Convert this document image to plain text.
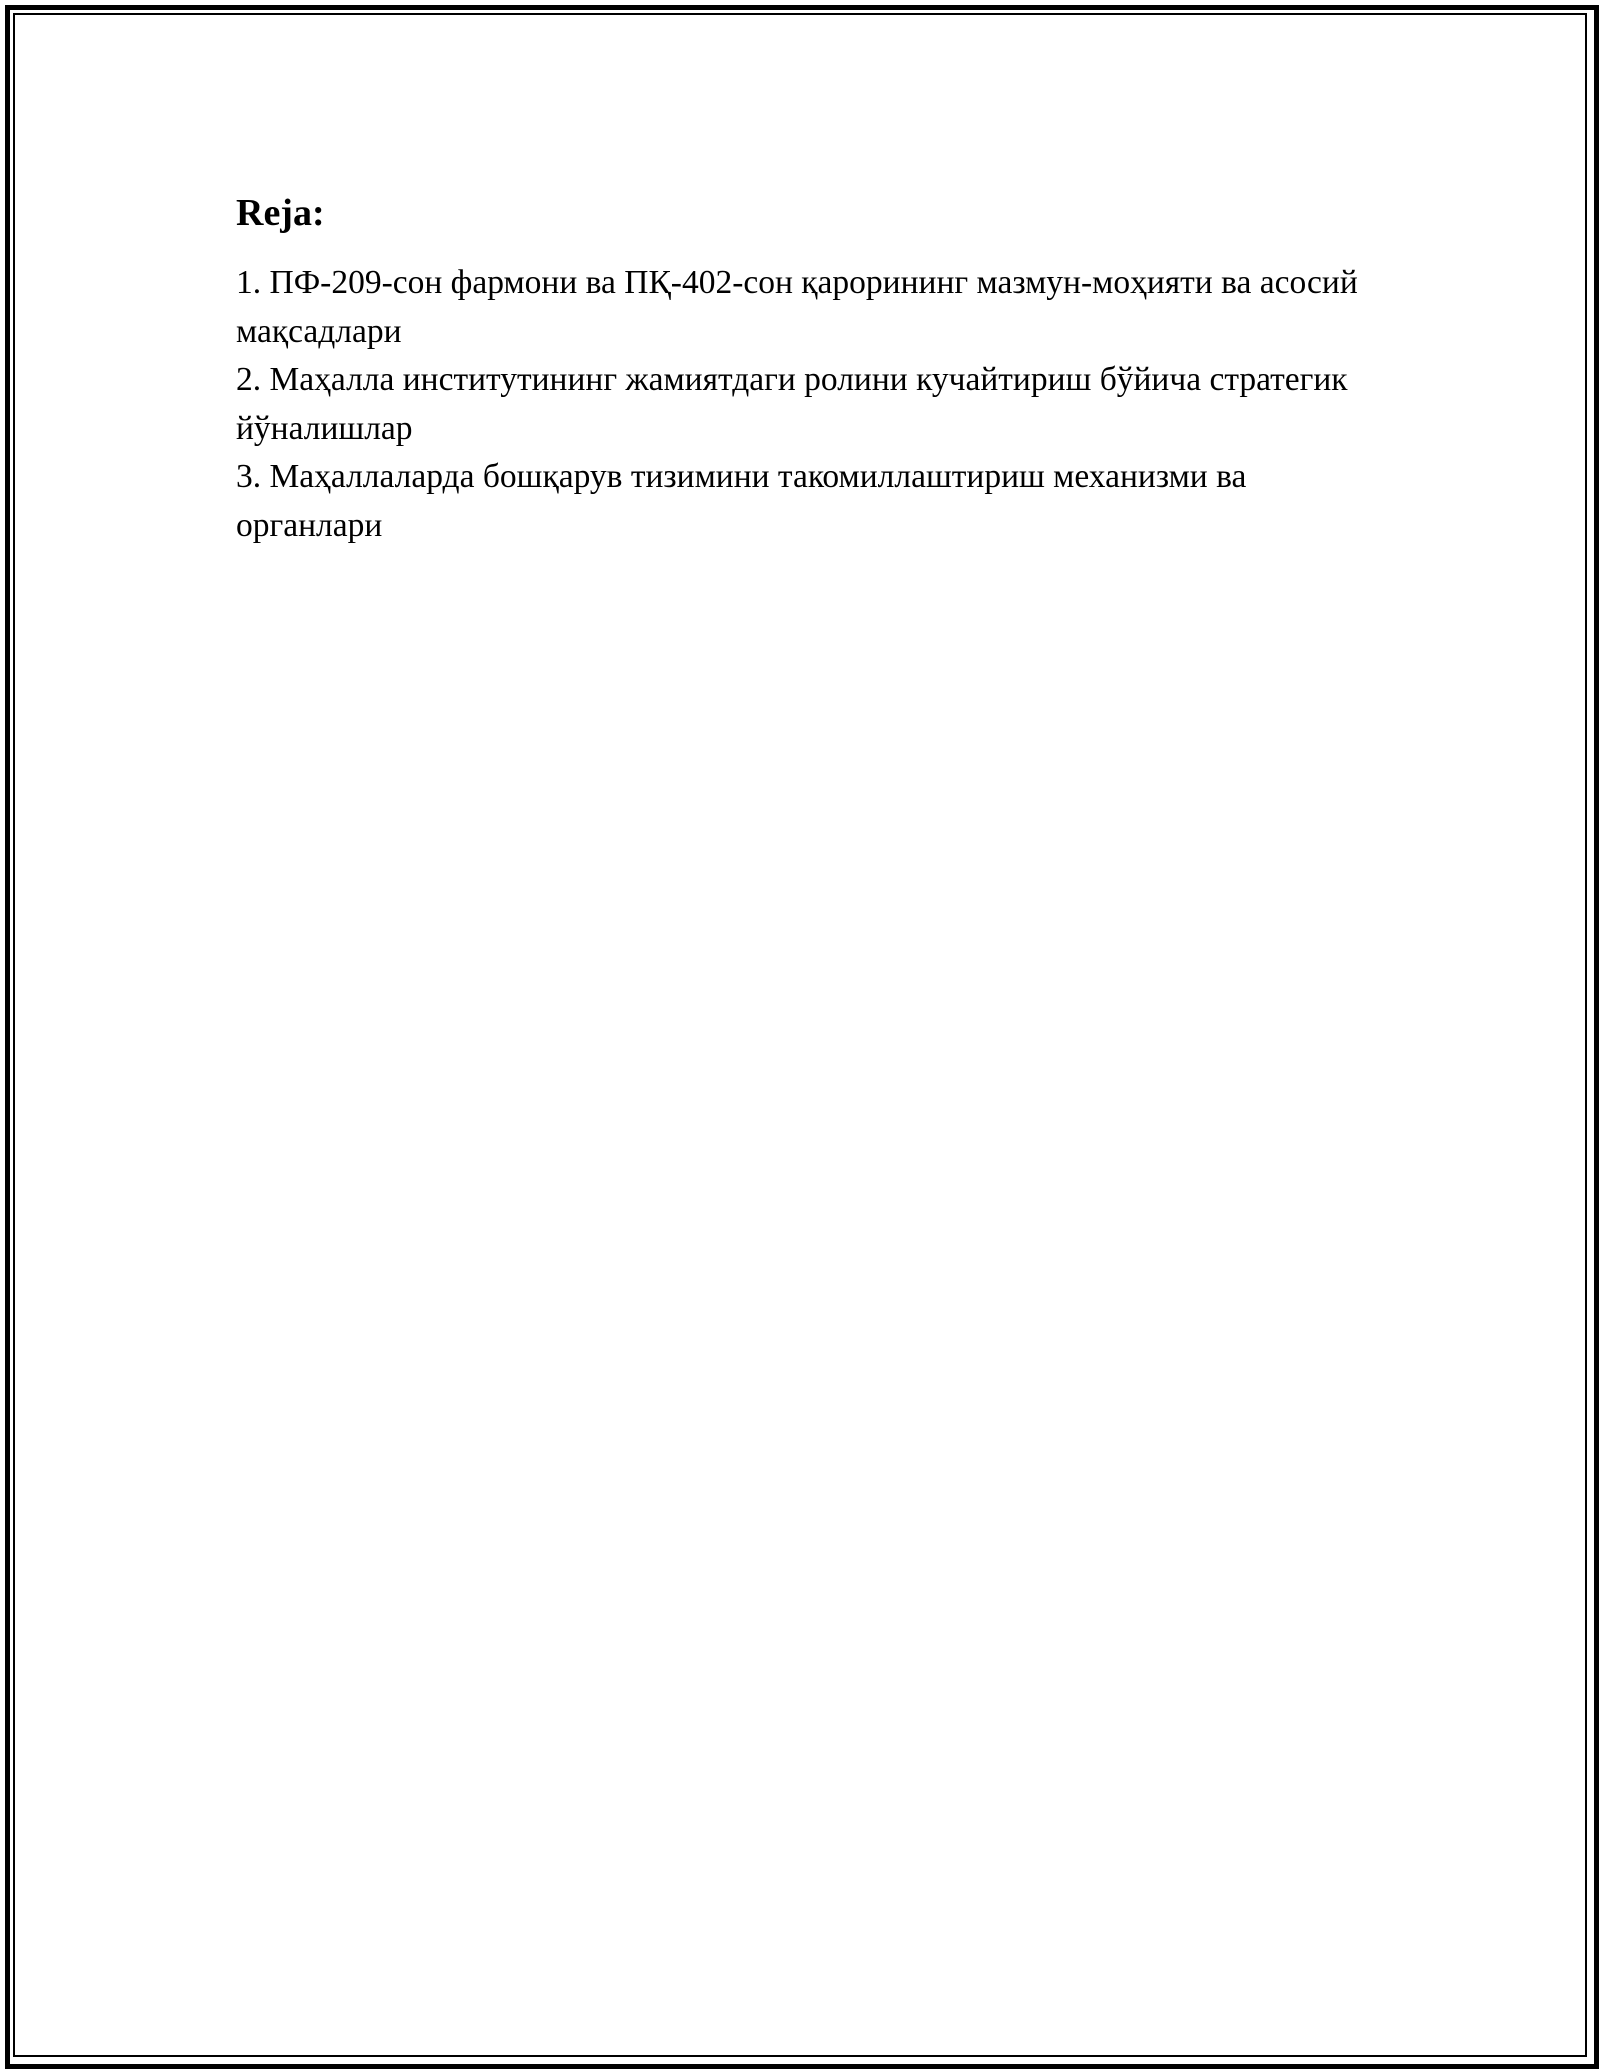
Reja:
1. ПФ-209-сон фармони ва ПҚ-402-сон қарорининг мазмун-моҳияти ва асосий мақсадлари
2. Маҳалла институтининг жамиятдаги ролини кучайтириш бўйича стратегик йўналишлар
3. Маҳаллаларда бошқарув тизимини такомиллаштириш механизми ва органлари
